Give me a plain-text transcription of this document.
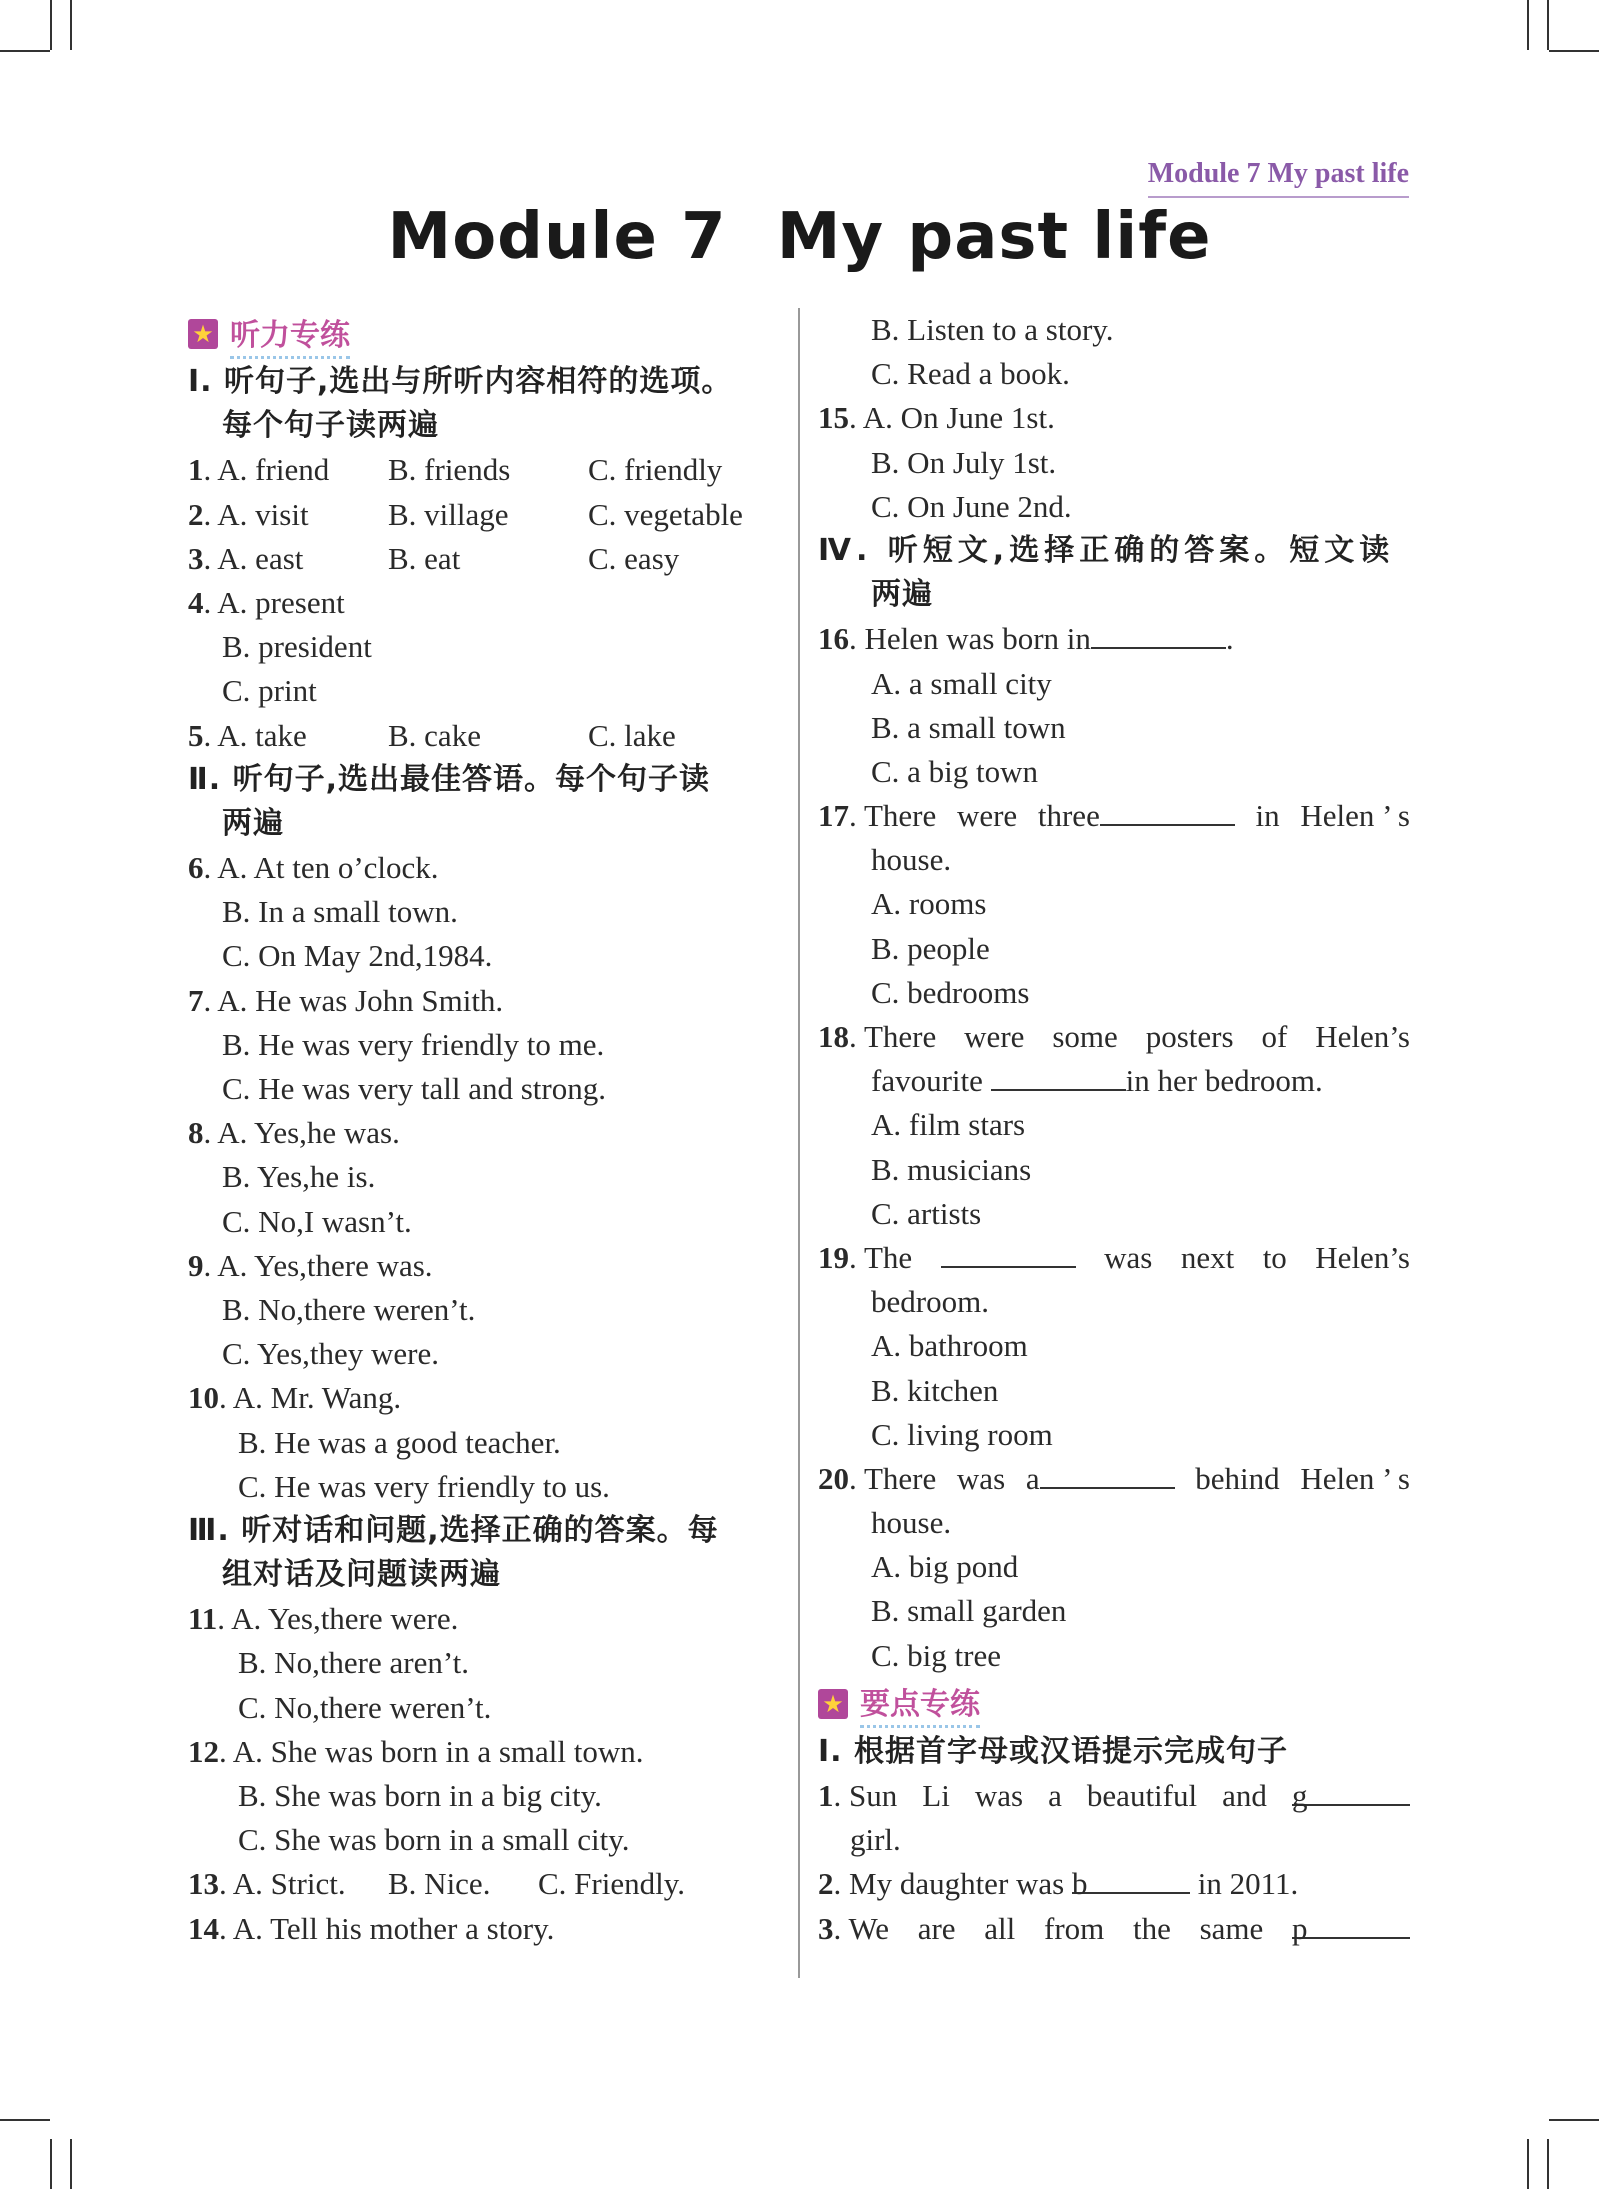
Module 7 My past life
Module 7 My past life
★ 听力专练
Ⅰ. 听句子,选出与所听内容相符的选项。
每个句子读两遍
1. A. friend B. friends	C. friendly
2. A. visit	B. village	C. vegetable
3. A. east	B. eat	C. easy
4. A. present
B. president
C. print
5. A. take	B. cake	C. lake
Ⅱ. 听句子,选出最佳答语。每个句子读
两遍
6. A. At ten o’clock.
B. In a small town.
C. On May 2nd,1984.
7. A. He was John Smith.
B. He was very friendly to me.
C. He was very tall and strong.
8. A. Yes,he was.
B. Yes,he is.
C. No,I wasn’t.
9. A. Yes,there was.
B. No,there weren’t.
C. Yes,they were.
10. A. Mr. Wang.
B. He was a good teacher.
C. He was very friendly to us.
Ⅲ. 听对话和问题,选择正确的答案。每
组对话及问题读两遍
11. A. Yes,there were.
B. No,there aren’t.
C. No,there weren’t.
12. A. She was born in a small town.
B. She was born in a big city.
C. She was born in a small city.
13. A. Strict. B. Nice. C. Friendly.
14. A. Tell his mother a story.
B. Listen to a story.
C. Read a book.
15. A. On June 1st.
B. On July 1st.
C. On June 2nd.
Ⅳ. 听短文,选择正确的答案。短文读
两遍
16. Helen was born in	.
A. a small city
B. a small town
C. a big town
17. There were three	in Helen ’ s
house.
A. rooms
B. people
C. bedrooms
18. There were some posters of Helen’s
favourite	in her bedroom.
A. film stars
B. musicians
C. artists
19. The	was next to Helen’s
bedroom.
A. bathroom
B. kitchen
C. living room
20. There was a	behind Helen ’ s
house.
A. big pond
B. small garden
C. big tree
★ 要点专练
Ⅰ. 根据首字母或汉语提示完成句子
1. Sun Li was a beautiful and g
girl.
2. My daughter was b	in 2011.
3. We are all from the same p
